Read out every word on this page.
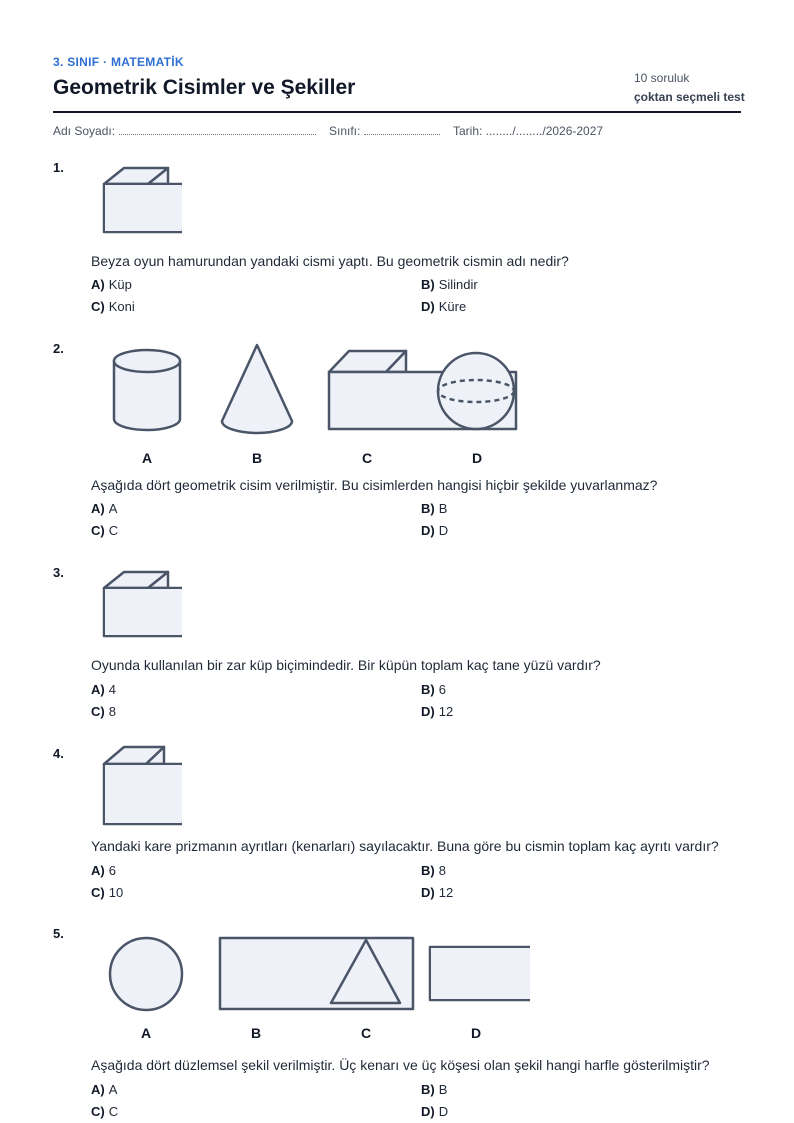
3. SINIF · MATEMATİK
Geometrik Cisimler ve Şekiller	10 soruluk
çoktan seçmeli test
Adı Soyadı:	Sınıfı:	Tarih: ......../......../2026-2027
1.
Beyza oyun hamurundan yandaki cismi yaptı. Bu geometrik cismin adı nedir?
A) Küp	B) Silindir
C) Koni	D) Küre
2.
A	B	C	D
Aşağıda dört geometrik cisim verilmiştir. Bu cisimlerden hangisi hiçbir şekilde yuvarlanmaz?
A) A	B) B
C) C	D) D
3.
Oyunda kullanılan bir zar küp biçimindedir. Bir küpün toplam kaç tane yüzü vardır?
A) 4	B) 6
C) 8	D) 12
4.
Yandaki kare prizmanın ayrıtları (kenarları) sayılacaktır. Buna göre bu cismin toplam kaç ayrıtı vardır?
A) 6	B) 8
C) 10	D) 12
5.
A	B	C	D
Aşağıda dört düzlemsel şekil verilmiştir. Üç kenarı ve üç köşesi olan şekil hangi harfle gösterilmiştir?
A) A	B) B
C) C	D) D
